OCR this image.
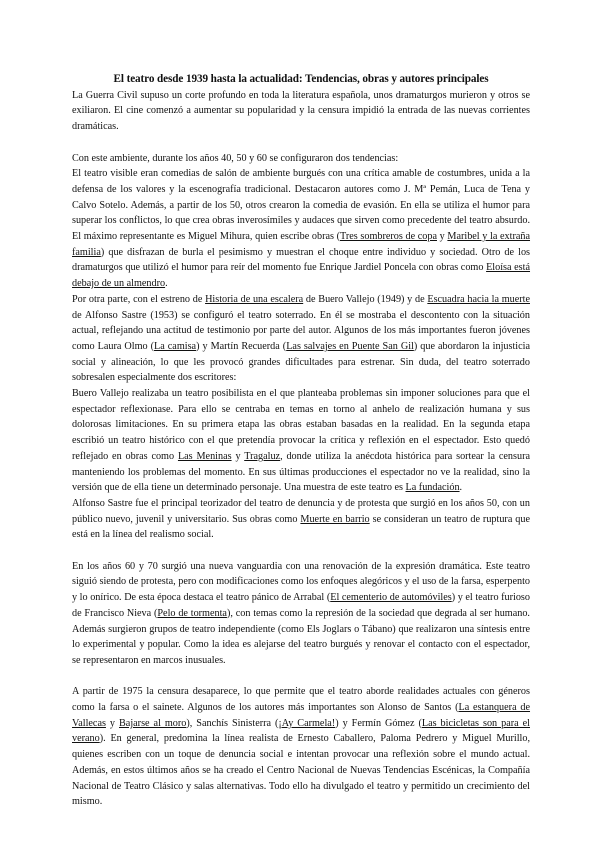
El teatro desde 1939 hasta la actualidad: Tendencias, obras y autores principales

La Guerra Civil supuso un corte profundo en toda la literatura española, unos dramaturgos murieron y otros se exiliaron. El cine comenzó a aumentar su popularidad y la censura impidió la entrada de las nuevas corrientes dramáticas.

Con este ambiente, durante los años 40, 50 y 60 se configuraron dos tendencias:

El teatro visible eran comedias de salón de ambiente burgués con una crítica amable de costumbres, unida a la defensa de los valores y la escenografía tradicional. Destacaron autores como J. Mª Pemán, Luca de Tena y Calvo Sotelo. Además, a partir de los 50, otros crearon la comedia de evasión. En ella se utiliza el humor para superar los conflictos, lo que crea obras inverosímiles y audaces que sirven como precedente del teatro absurdo. El máximo representante es Miguel Mihura, quien escribe obras (Tres sombreros de copa y Maribel y la extraña familia) que disfrazan de burla el pesimismo y muestran el choque entre individuo y sociedad. Otro de los dramaturgos que utilizó el humor para reír del momento fue Enrique Jardiel Poncela con obras como Eloísa está debajo de un almendro.

Por otra parte, con el estreno de Historia de una escalera de Buero Vallejo (1949) y de Escuadra hacia la muerte de Alfonso Sastre (1953) se configuró el teatro soterrado. En él se mostraba el descontento con la situación actual, reflejando una actitud de testimonio por parte del autor. Algunos de los más importantes fueron jóvenes como Laura Olmo (La camisa) y Martín Recuerda (Las salvajes en Puente San Gil) que abordaron la injusticia social y alineación, lo que les provocó grandes dificultades para estrenar. Sin duda, del teatro soterrado sobresalen especialmente dos escritores:

Buero Vallejo realizaba un teatro posibilista en el que planteaba problemas sin imponer soluciones para que el espectador reflexionase. Para ello se centraba en temas en torno al anhelo de realización humana y sus dolorosas limitaciones. En su primera etapa las obras estaban basadas en la realidad. En la segunda etapa escribió un teatro histórico con el que pretendía provocar la crítica y reflexión en el espectador. Esto quedó reflejado en obras como Las Meninas y Tragaluz, donde utiliza la anécdota histórica para sortear la censura manteniendo los problemas del momento. En sus últimas producciones el espectador no ve la realidad, sino la versión que de ella tiene un determinado personaje. Una muestra de este teatro es La fundación.

Alfonso Sastre fue el principal teorizador del teatro de denuncia y de protesta que surgió en los años 50, con un público nuevo, juvenil y universitario. Sus obras como Muerte en barrio se consideran un teatro de ruptura que está en la línea del realismo social.

En los años 60 y 70 surgió una nueva vanguardia con una renovación de la expresión dramática. Este teatro siguió siendo de protesta, pero con modificaciones como los enfoques alegóricos y el uso de la farsa, esperpento y lo onírico. De esta época destaca el teatro pánico de Arrabal (El cementerio de automóviles) y el teatro furioso de Francisco Nieva (Pelo de tormenta), con temas como la represión de la sociedad que degrada al ser humano. Además surgieron grupos de teatro independiente (como Els Joglars o Tábano) que realizaron una síntesis entre lo experimental y popular. Como la idea es alejarse del teatro burgués y renovar el contacto con el espectador, se representaron en marcos inusuales.

A partir de 1975 la censura desaparece, lo que permite que el teatro aborde realidades actuales con géneros como la farsa o el sainete. Algunos de los autores más importantes son Alonso de Santos (La estanquera de Vallecas y Bajarse al moro), Sanchís Sinisterra (¡Ay Carmela!) y Fermín Gómez (Las bicicletas son para el verano). En general, predomina la línea realista de Ernesto Caballero, Paloma Pedrero y Miguel Murillo, quienes escriben con un toque de denuncia social e intentan provocar una reflexión sobre el mundo actual. Además, en estos últimos años se ha creado el Centro Nacional de Nuevas Tendencias Escénicas, la Compañía Nacional de Teatro Clásico y salas alternativas. Todo ello ha divulgado el teatro y permitido un crecimiento del mismo.
